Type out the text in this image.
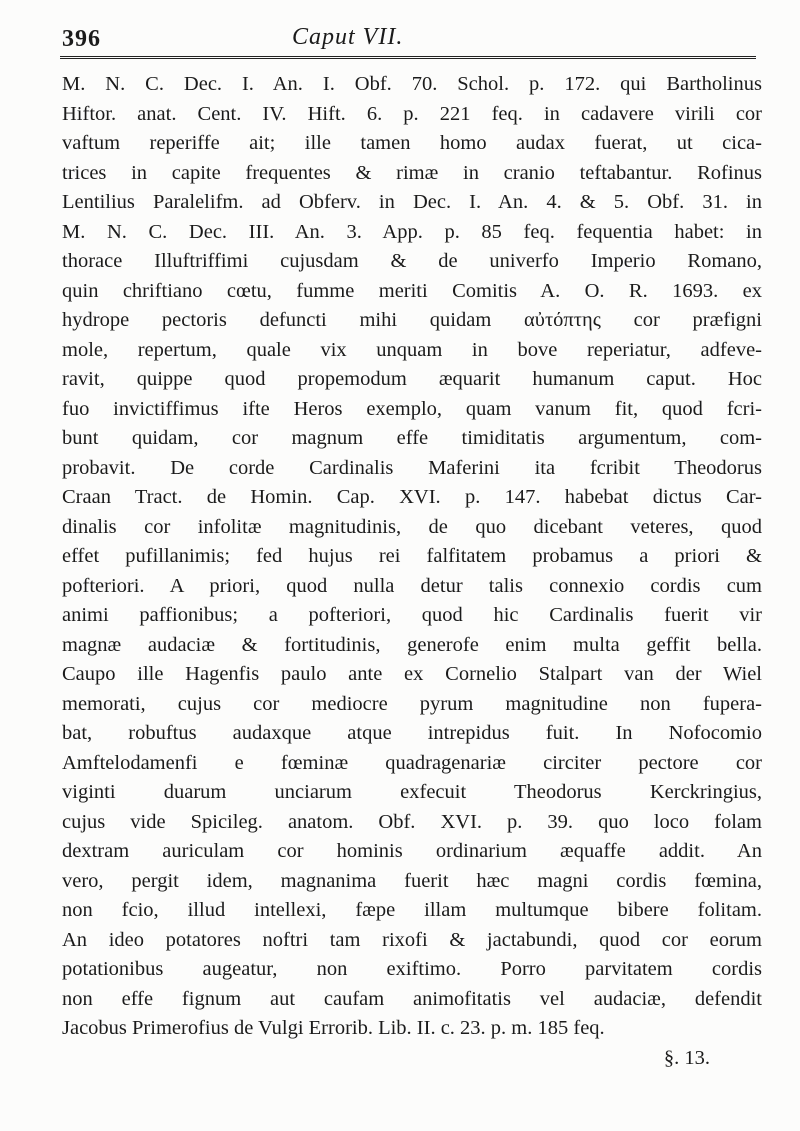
396	Caput VII.
M. N. C. Dec. I. An. I. Obf. 70. Schol. p. 172. qui Bartholinus
Hiftor. anat. Cent. IV. Hift. 6. p. 221 feq. in cadavere virili cor
vaftum reperiffe ait; ille tamen homo audax fuerat, ut cica-
trices in capite frequentes & rimæ in cranio teftabantur. Rofinus
Lentilius Paralelifm. ad Obferv. in Dec. I. An. 4. & 5. Obf. 31. in
M. N. C. Dec. III. An. 3. App. p. 85 feq. fequentia habet: in
thorace Illuftriffimi cujusdam & de univerfo Imperio Romano,
quin chriftiano cœtu, fumme meriti Comitis A. O. R. 1693. ex
hydrope pectoris defuncti mihi quidam αὐτόπτης cor præfigni
mole, repertum, quale vix unquam in bove reperiatur, adfeve-
ravit, quippe quod propemodum æquarit humanum caput. Hoc
fuo invictiffimus ifte Heros exemplo, quam vanum fit, quod fcri-
bunt quidam, cor magnum effe timiditatis argumentum, com-
probavit. De corde Cardinalis Maferini ita fcribit Theodorus
Craan Tract. de Homin. Cap. XVI. p. 147. habebat dictus Car-
dinalis cor infolitæ magnitudinis, de quo dicebant veteres, quod
effet pufillanimis; fed hujus rei falfitatem probamus a priori &
pofteriori. A priori, quod nulla detur talis connexio cordis cum
animi paffionibus; a pofteriori, quod hic Cardinalis fuerit vir
magnæ audaciæ & fortitudinis, generofe enim multa geffit bella.
Caupo ille Hagenfis paulo ante ex Cornelio Stalpart van der Wiel
memorati, cujus cor mediocre pyrum magnitudine non fupera-
bat, robuftus audaxque atque intrepidus fuit. In Nofocomio
Amftelodamenfi e fœminæ quadragenariæ circiter pectore cor
viginti duarum unciarum exfecuit Theodorus Kerckringius,
cujus vide Spicileg. anatom. Obf. XVI. p. 39. quo loco folam
dextram auriculam cor hominis ordinarium æquaffe addit. An
vero, pergit idem, magnanima fuerit hæc magni cordis fœmina,
non fcio, illud intellexi, fæpe illam multumque bibere folitam.
An ideo potatores noftri tam rixofi & jactabundi, quod cor eorum
potationibus augeatur, non exiftimo. Porro parvitatem cordis
non effe fignum aut caufam animofitatis vel audaciæ, defendit
Jacobus Primerofius de Vulgi Errorib. Lib. II. c. 23. p. m. 185 feq.
§. 13.
